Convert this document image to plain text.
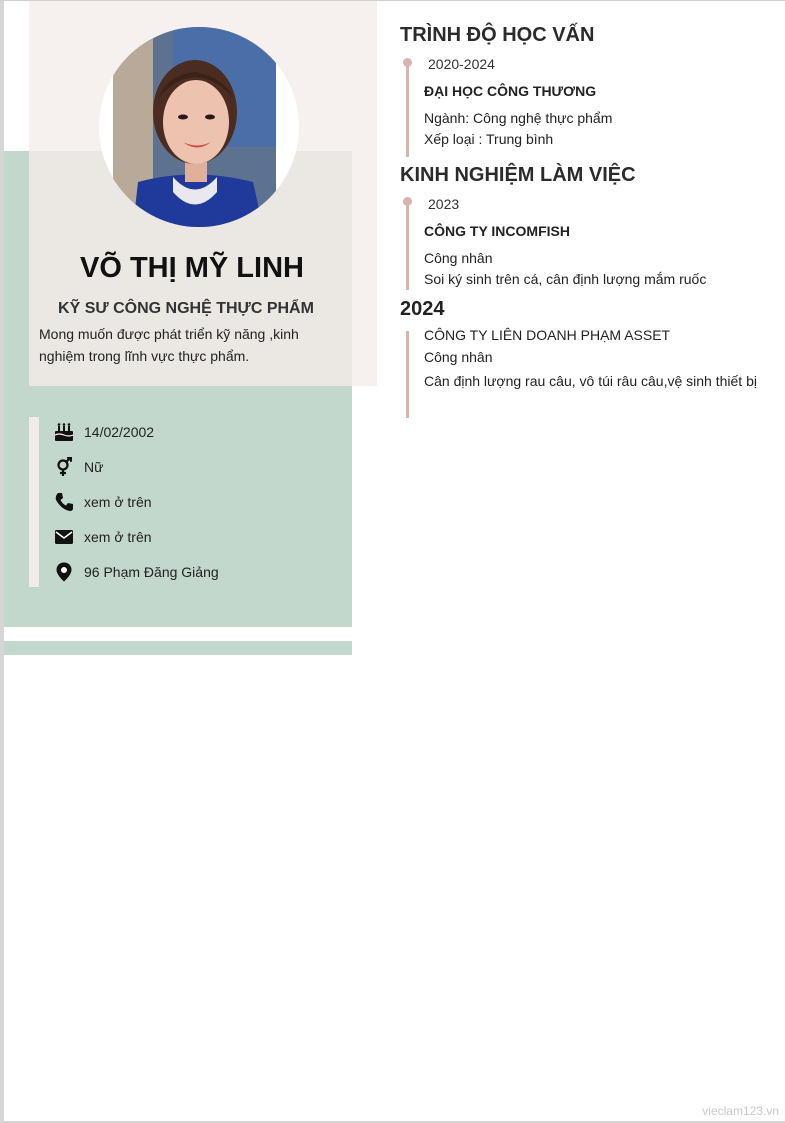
VÕ THỊ MỸ LINH
KỸ SƯ CÔNG NGHỆ THỰC PHẨM
Mong muốn được phát triển kỹ năng ,kinh nghiệm trong lĩnh vực thực phẩm.
14/02/2002
Nữ
xem ở trên
xem ở trên
96 Phạm Đăng Giảng
TRÌNH ĐỘ HỌC VẤN
2020-2024
ĐẠI HỌC CÔNG THƯƠNG
Ngành: Công nghệ thực phẩm
Xếp loại : Trung bình
KINH NGHIỆM LÀM VIỆC
2023
CÔNG TY INCOMFISH
Công nhân
Soi ký sinh trên cá, cân định lượng mắm ruốc
2024
CÔNG TY LIÊN DOANH PHẠM ASSET
Công nhân
Cân định lượng rau câu, vô túi râu câu,vệ sinh thiết bị
vieclam123.vn
